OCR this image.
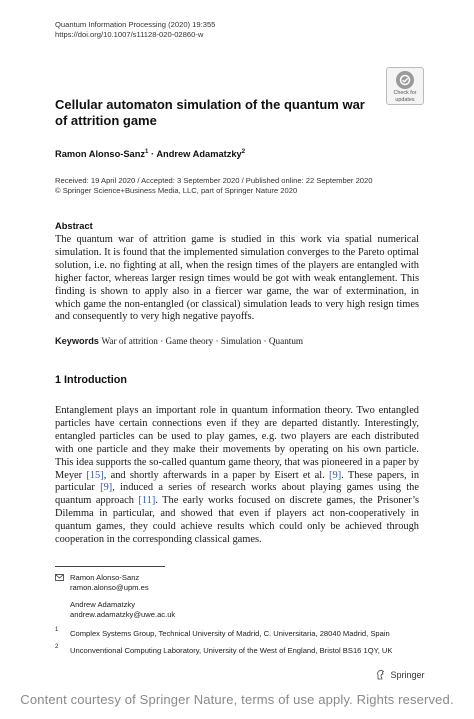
Quantum Information Processing (2020) 19:355
https://doi.org/10.1007/s11128-020-02860-w
Check for
updates
Cellular automaton simulation of the quantum war of attrition game
Ramon Alonso-Sanz$^1$ · Andrew Adamatzky$^2$
Received: 19 April 2020 / Accepted: 3 September 2020 / Published online: 22 September 2020
© Springer Science+Business Media, LLC, part of Springer Nature 2020
Abstract
The quantum war of attrition game is studied in this work via spatial numerical simulation. It is found that the implemented simulation converges to the Pareto optimal solution, i.e. no fighting at all, when the resign times of the players are entangled with higher factor, whereas larger resign times would be got with weak entanglement. This finding is shown to apply also in a fiercer war game, the war of extermination, in which game the non-entangled (or classical) simulation leads to very high resign times and consequently to very high negative payoffs.
Keywords War of attrition · Game theory · Simulation · Quantum
1 Introduction
Entanglement plays an important role in quantum information theory. Two entangled particles have certain connections even if they are departed distantly. Interestingly, entangled particles can be used to play games, e.g. two players are each distributed with one particle and they make their movements by operating on his own particle. This idea supports the so-called quantum game theory, that was pioneered in a paper by Meyer [15], and shortly afterwards in a paper by Eisert et al. [9]. These papers, in particular [9], induced a series of research works about playing games using the quantum approach [11]. The early works focused on discrete games, the Prisoner’s Dilemma in particular, and showed that even if players act non-cooperatively in quantum games, they could achieve results which could only be achieved through cooperation in the corresponding classical games.
Ramon Alonso-Sanz
ramon.alonso@upm.es
Andrew Adamatzky
andrew.adamatzky@uwe.ac.uk
1 Complex Systems Group, Technical University of Madrid, C. Universitaria, 28040 Madrid, Spain
2 Unconventional Computing Laboratory, University of the West of England, Bristol BS16 1QY, UK
Springer
Content courtesy of Springer Nature, terms of use apply. Rights reserved.
